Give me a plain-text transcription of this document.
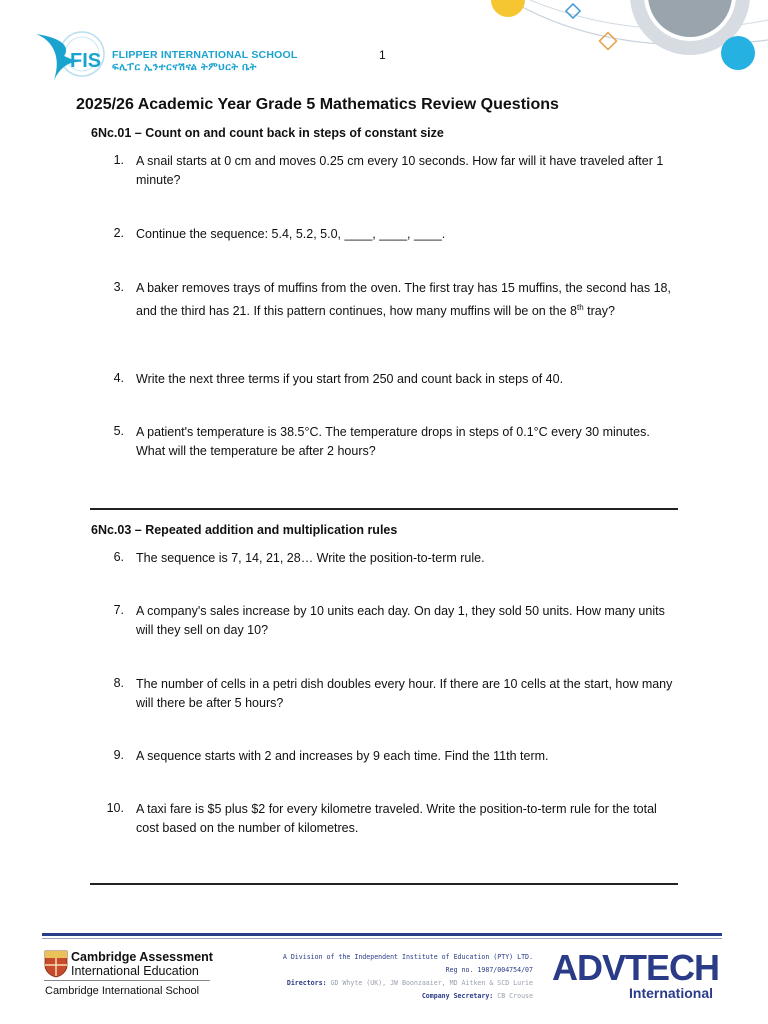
FIS FLIPPER INTERNATIONAL SCHOOL
ፍሊፐር ኢንተርናሽናል ትምህርት ቤት
1
2025/26 Academic Year Grade 5 Mathematics Review Questions
6Nc.01 – Count on and count back in steps of constant size
1. A snail starts at 0 cm and moves 0.25 cm every 10 seconds. How far will it have traveled after 1 minute?
2. Continue the sequence: 5.4, 5.2, 5.0, ____, ____, ____.
3. A baker removes trays of muffins from the oven. The first tray has 15 muffins, the second has 18, and the third has 21. If this pattern continues, how many muffins will be on the 8th tray?
4. Write the next three terms if you start from 250 and count back in steps of 40.
5. A patient's temperature is 38.5°C. The temperature drops in steps of 0.1°C every 30 minutes. What will the temperature be after 2 hours?
6Nc.03 – Repeated addition and multiplication rules
6. The sequence is 7, 14, 21, 28… Write the position-to-term rule.
7. A company's sales increase by 10 units each day. On day 1, they sold 50 units. How many units will they sell on day 10?
8. The number of cells in a petri dish doubles every hour. If there are 10 cells at the start, how many will there be after 5 hours?
9. A sequence starts with 2 and increases by 9 each time. Find the 11th term.
10. A taxi fare is $5 plus $2 for every kilometre traveled. Write the position-to-term rule for the total cost based on the number of kilometres.
Cambridge Assessment
International Education
Cambridge International School
A Division of the Independent Institute of Education (PTY) LTD.
Reg no. 1987/004754/07
Directors: GD Whyte (UK), JW Boonzaaier, MD Aitken & SCD Lurie
Company Secretary: CB Crouse
ADVTECH
International
